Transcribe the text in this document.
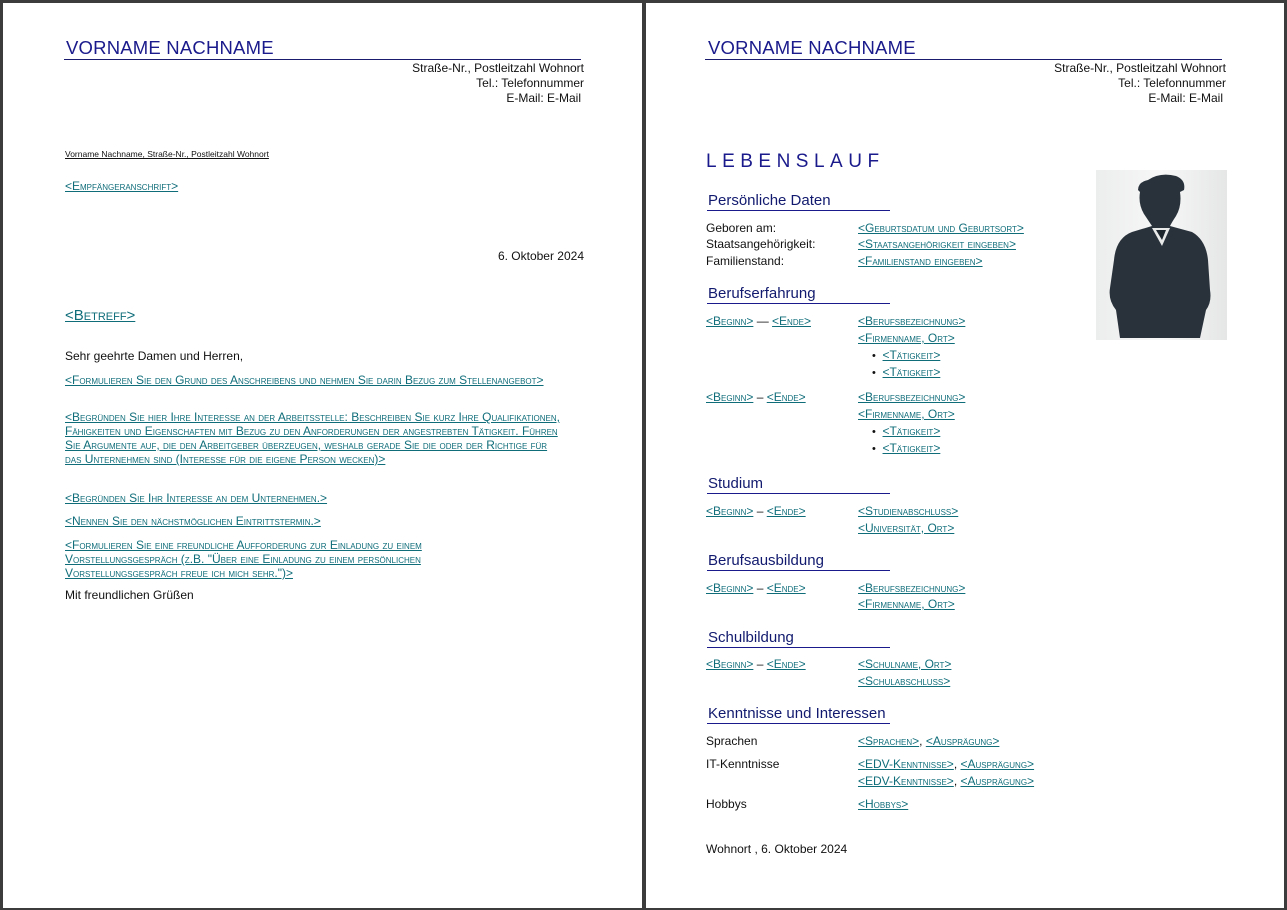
VORNAME NACHNAME
Straße-Nr., Postleitzahl Wohnort
Tel.: Telefonnummer
E-Mail: E-Mail
Vorname Nachname, Straße-Nr., Postleitzahl Wohnort
<Empfängeranschrift>
6. Oktober 2024
<Betreff>
Sehr geehrte Damen und Herren,
<Formulieren Sie den Grund des Anschreibens und nehmen Sie darin Bezug zum Stellenangebot>
<Begründen Sie hier Ihre Interesse an der Arbeitsstelle: Beschreiben Sie kurz Ihre Qualifikationen, Fähigkeiten und Eigenschaften mit Bezug zu den Anforderungen der angestrebten Tätigkeit. Führen Sie Argumente auf, die den Arbeitgeber überzeugen, weshalb gerade Sie die oder der Richtige für das Unternehmen sind (Interesse für die eigene Person wecken)>
<Begründen Sie Ihr Interesse an dem Unternehmen.>
<Nennen Sie den nächstmöglichen Eintrittstermin.>
<Formulieren Sie eine freundliche Aufforderung zur Einladung zu einem Vorstellungsgespräch (z.B. "Über eine Einladung zu einem persönlichen Vorstellungsgespräch freue ich mich sehr.")>
Mit freundlichen Grüßen
VORNAME NACHNAME
Straße-Nr., Postleitzahl Wohnort
Tel.: Telefonnummer
E-Mail: E-Mail
LEBENSLAUF
Persönliche Daten
Geboren am:	<Geburtsdatum und Geburtsort>
Staatsangehörigkeit:	<Staatsangehörigkeit eingeben>
Familienstand:	<Familienstand eingeben>
Berufserfahrung
<Beginn> — <Ende>	<Berufsbezeichnung>
<Firmenname, Ort>
• <Tätigkeit>
• <Tätigkeit>
<Beginn> – <Ende>	<Berufsbezeichnung>
<Firmenname, Ort>
• <Tätigkeit>
• <Tätigkeit>
Studium
<Beginn> – <Ende>	<Studienabschluss>
<Universität, Ort>
Berufsausbildung
<Beginn> – <Ende>	<Berufsbezeichnung>
<Firmenname, Ort>
Schulbildung
<Beginn> – <Ende>	<Schulname, Ort>
<Schulabschluss>
Kenntnisse und Interessen
Sprachen	<Sprachen>, <Ausprägung>
IT-Kenntnisse	<EDV-Kenntnisse>, <Ausprägung>
<EDV-Kenntnisse>, <Ausprägung>
Hobbys	<Hobbys>
Wohnort , 6. Oktober 2024
